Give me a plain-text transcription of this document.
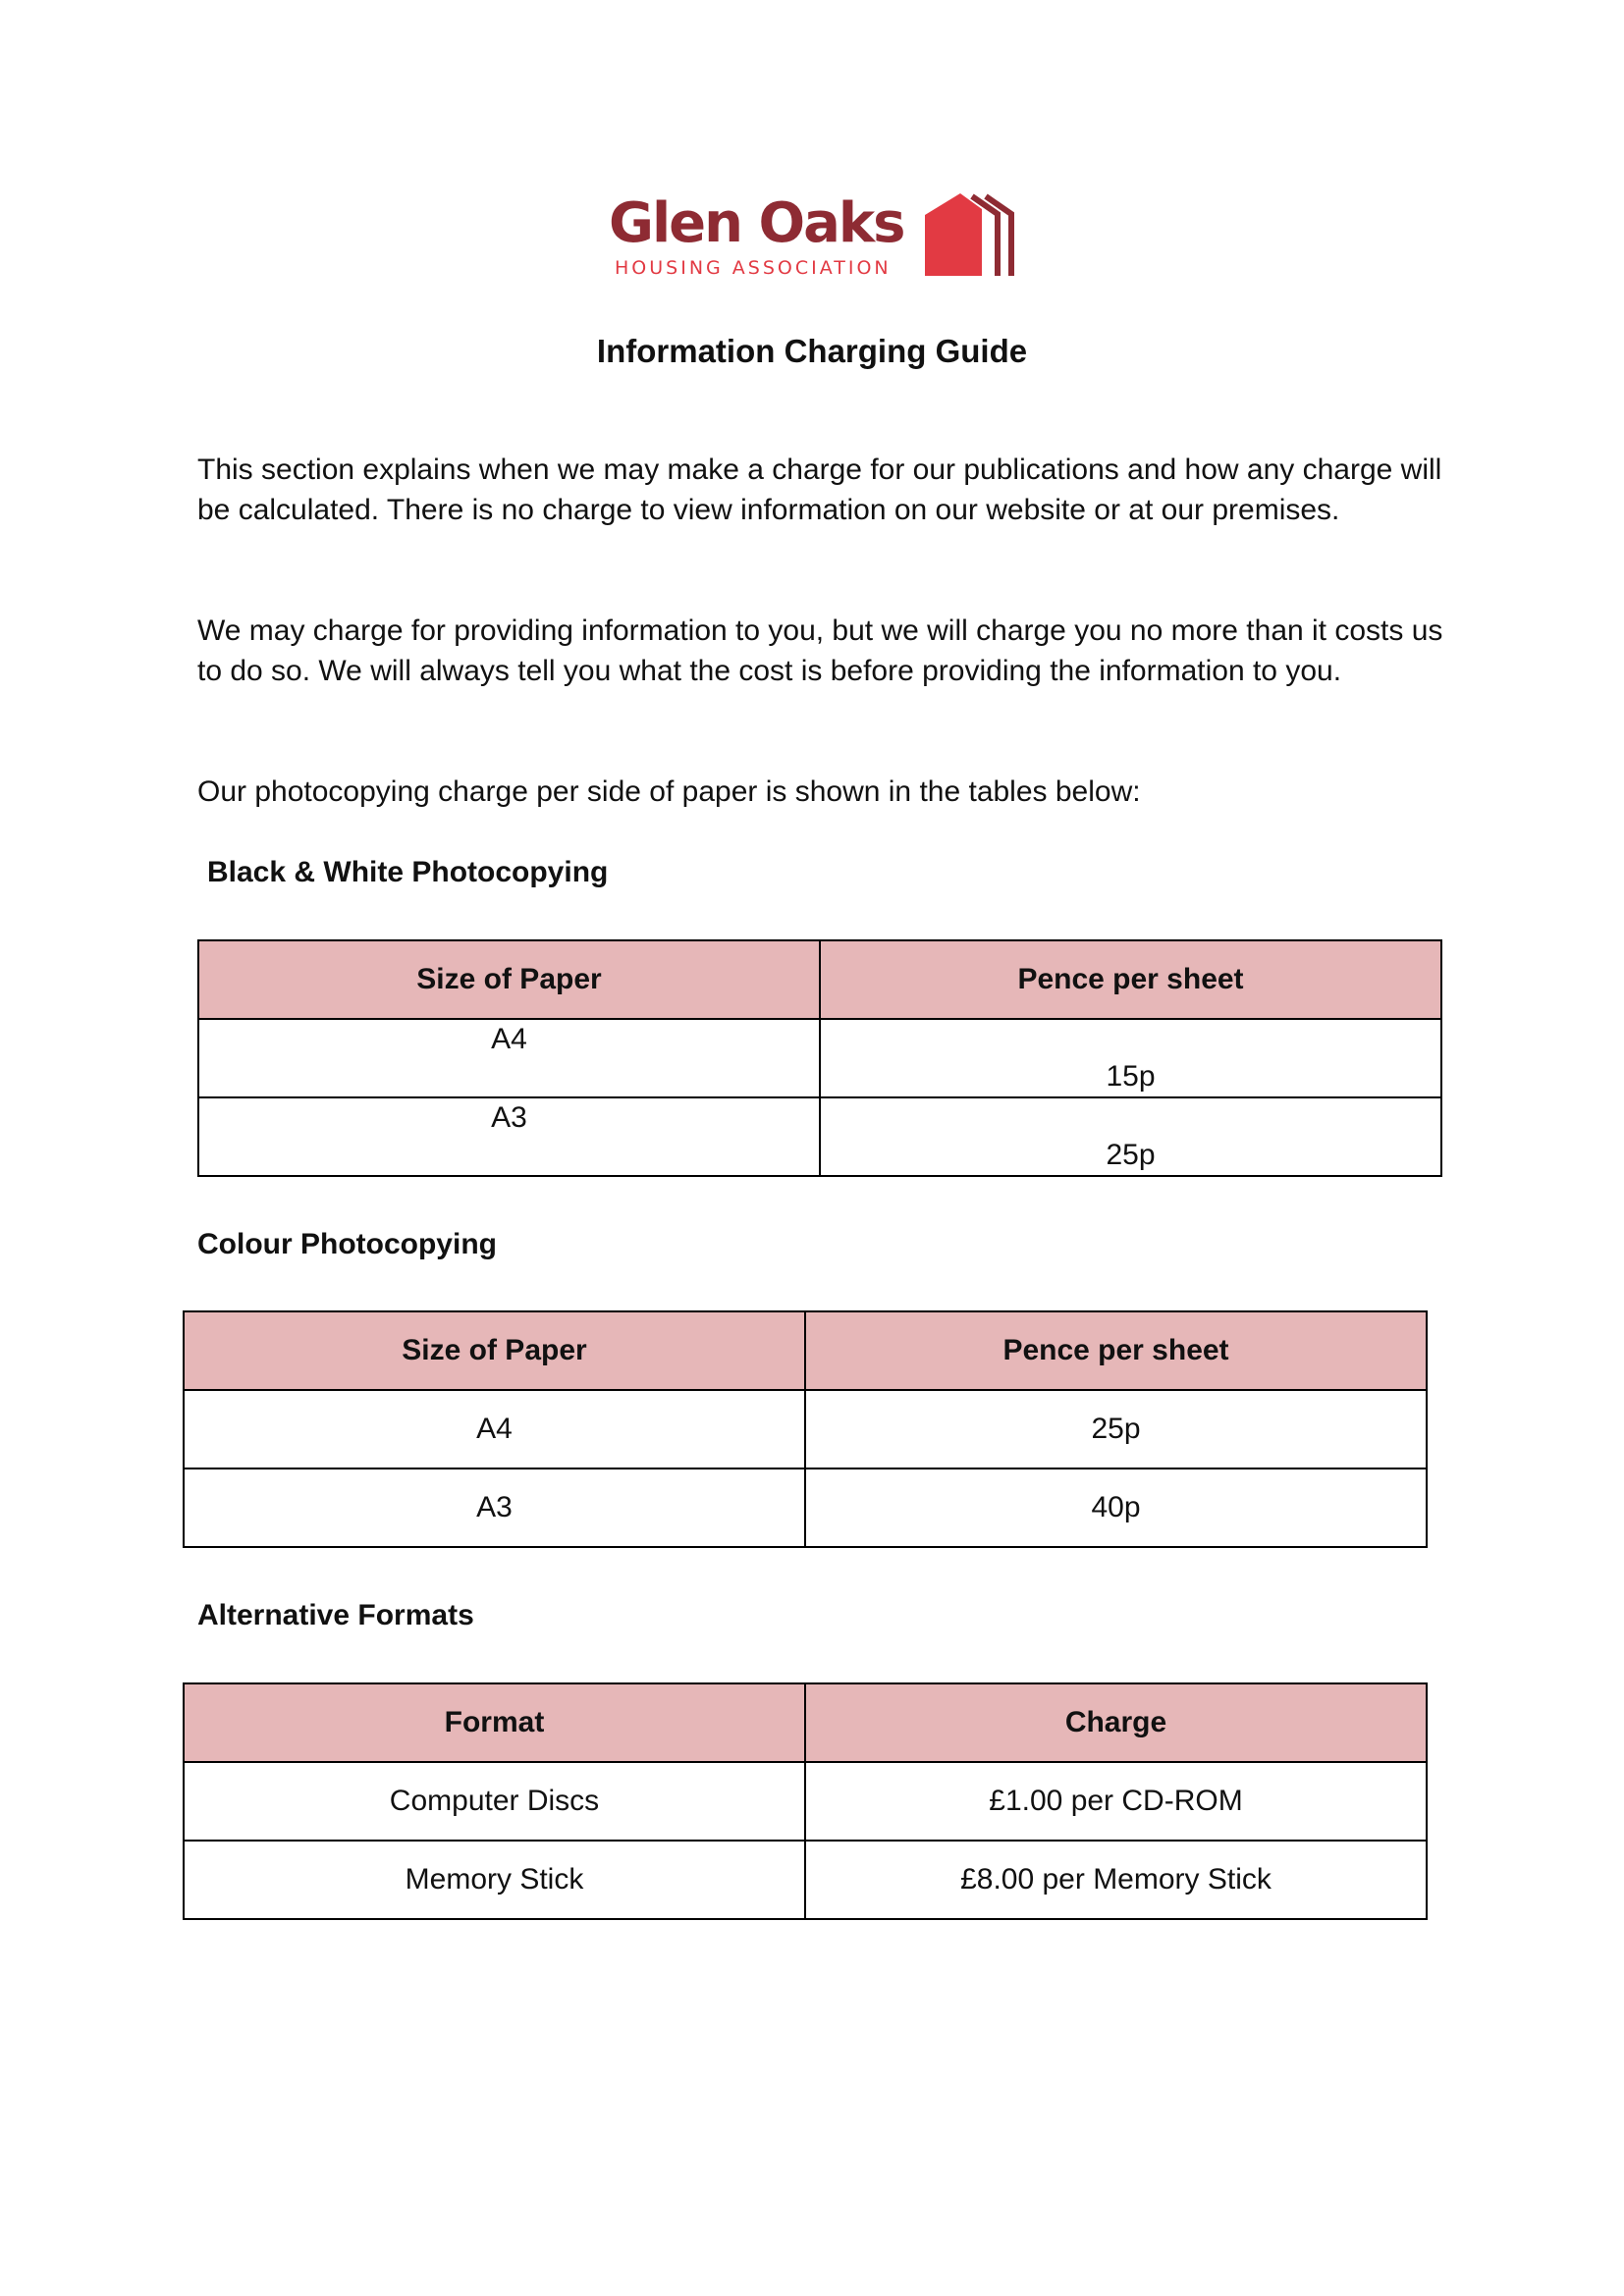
Glen Oaks
HOUSING ASSOCIATION
Information Charging Guide

This section explains when we may make a charge for our publications and how any charge will be calculated. There is no charge to view information on our website or at our premises.

We may charge for providing information to you, but we will charge you no more than it costs us to do so. We will always tell you what the cost is before providing the information to you.

Our photocopying charge per side of paper is shown in the tables below:

Black & White Photocopying
Size of Paper	Pence per sheet
A4	15p
A3	25p
Colour Photocopying
Size of Paper	Pence per sheet
A4	25p
A3	40p
Alternative Formats
Format	Charge
Computer Discs	£1.00 per CD-ROM
Memory Stick	£8.00 per Memory Stick
